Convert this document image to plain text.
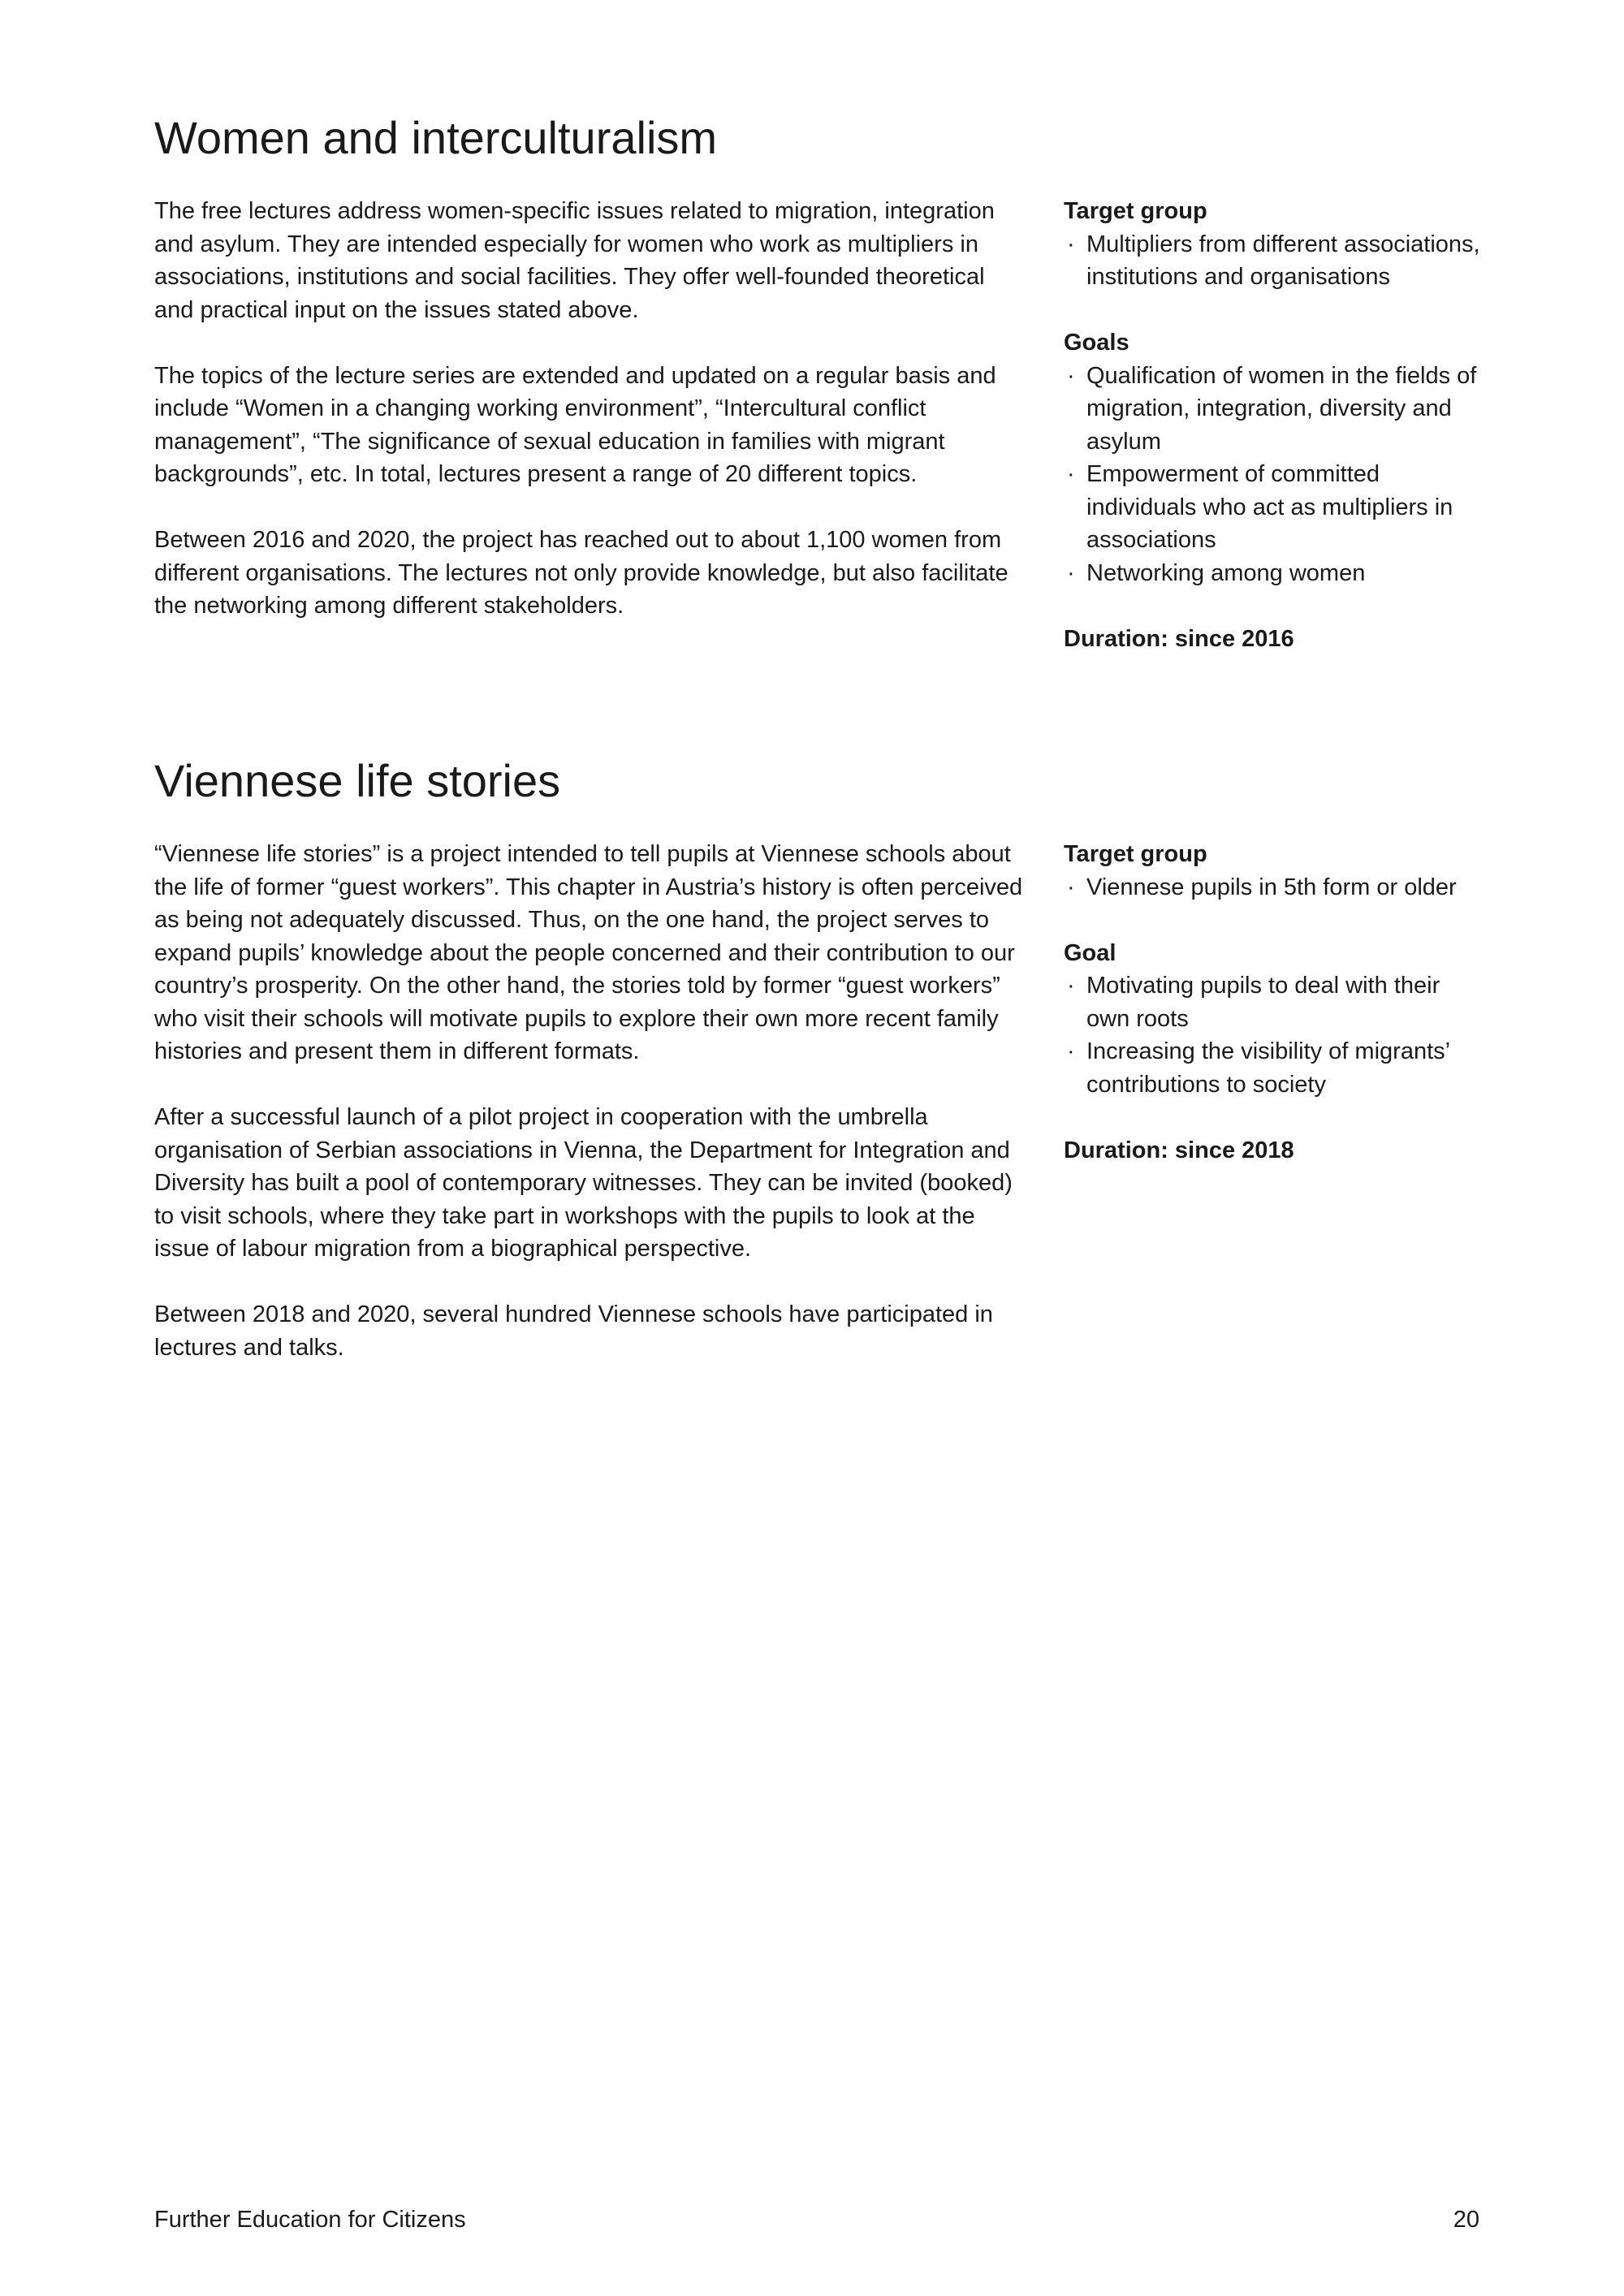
Women and interculturalism

The free lectures address women-specific issues related to migration, integration and asylum. They are intended especially for women who work as multipliers in associations, institutions and social facilities. They offer well-founded theoretical and practical input on the issues stated above.

The topics of the lecture series are extended and updated on a regular basis and include “Women in a changing working environment”, “Intercultural conflict management”, “The significance of sexual education in families with migrant backgrounds”, etc. In total, lectures present a range of 20 different topics.

Between 2016 and 2020, the project has reached out to about 1,100 women from different organisations. The lectures not only provide knowledge, but also facilitate the networking among different stakeholders.

Target group

· Multipliers from different associations, institutions and organisations

Goals

· Qualification of women in the fields of migration, integration, diversity and asylum
· Empowerment of committed individuals who act as multipliers in associations
· Networking among women

Duration: since 2016

Viennese life stories

“Viennese life stories” is a project intended to tell pupils at Viennese schools about the life of former “guest workers”. This chapter in Austria’s history is often perceived as being not adequately discussed. Thus, on the one hand, the project serves to expand pupils’ knowledge about the people concerned and their contribution to our country’s prosperity. On the other hand, the stories told by former “guest workers” who visit their schools will motivate pupils to explore their own more recent family histories and present them in different formats.

After a successful launch of a pilot project in cooperation with the umbrella organisation of Serbian associations in Vienna, the Department for Integration and Diversity has built a pool of contemporary witnesses. They can be invited (booked) to visit schools, where they take part in workshops with the pupils to look at the issue of labour migration from a biographical perspective.

Between 2018 and 2020, several hundred Viennese schools have participated in lectures and talks.

Target group

· Viennese pupils in 5th form or older

Goal

· Motivating pupils to deal with their own roots
· Increasing the visibility of migrants’ contributions to society

Duration: since 2018

Further Education for Citizens	20
